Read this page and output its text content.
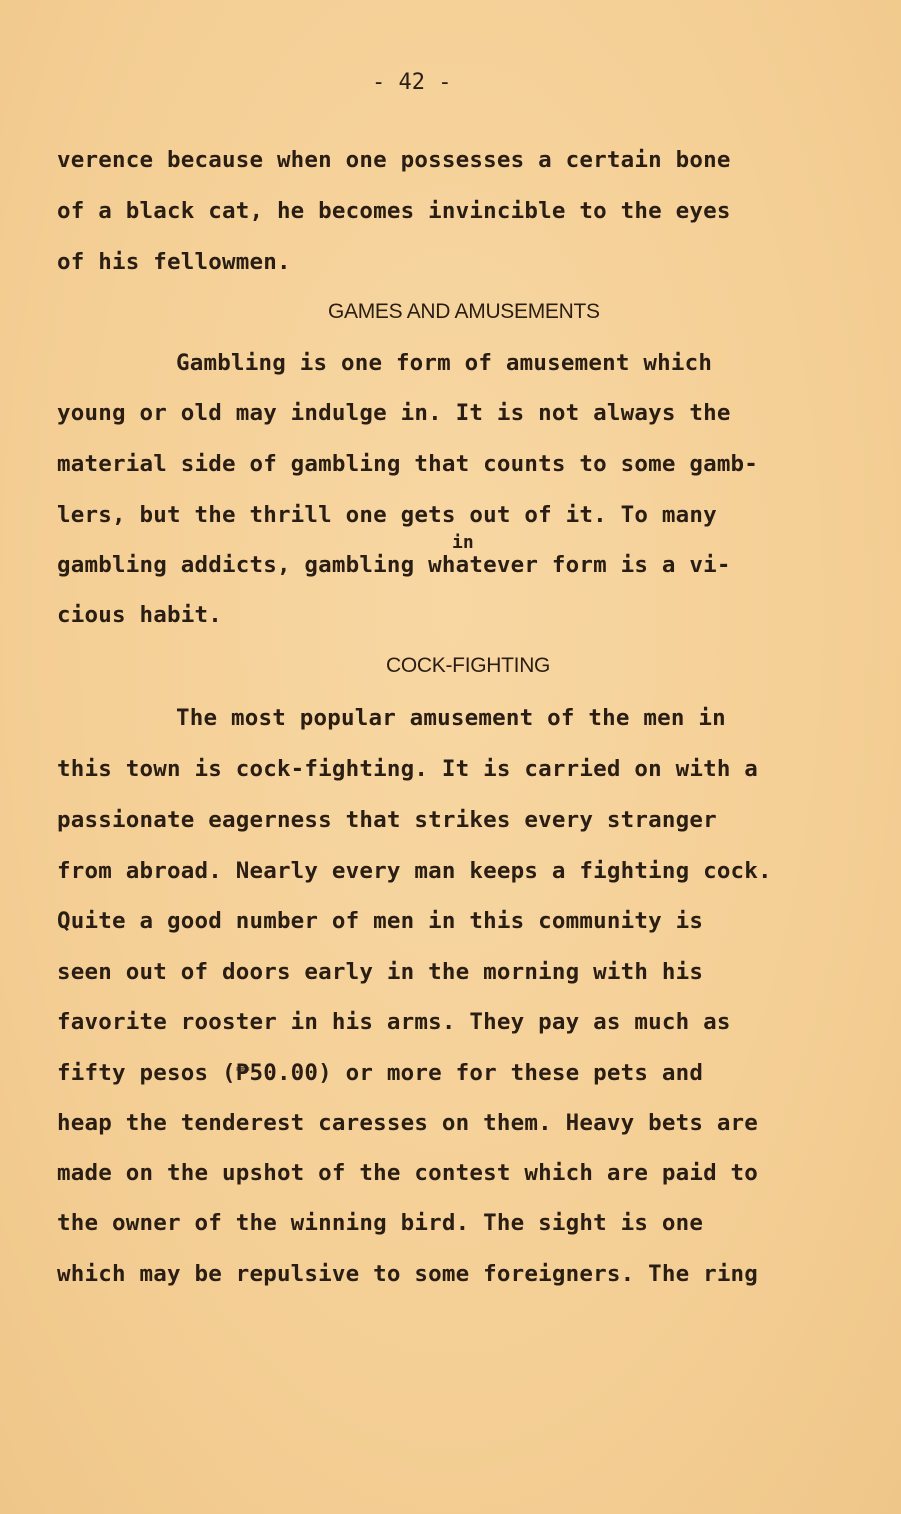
- 42 -
verence because when one possesses a certain bone
of a black cat, he becomes invincible to the eyes
of his fellowmen.
GAMES AND AMUSEMENTS
Gambling is one form of amusement which
young or old may indulge in. It is not always the
material side of gambling that counts to some gamb-
lers, but the thrill one gets out of it. To many
in
gambling addicts, gambling whatever form is a vi-
cious habit.
COCK-FIGHTING
The most popular amusement of the men in
this town is cock-fighting. It is carried on with a
passionate eagerness that strikes every stranger
from abroad. Nearly every man keeps a fighting cock.
Quite a good number of men in this community is
seen out of doors early in the morning with his
favorite rooster in his arms. They pay as much as
fifty pesos (₱50.00) or more for these pets and
heap the tenderest caresses on them. Heavy bets are
made on the upshot of the contest which are paid to
the owner of the winning bird. The sight is one
which may be repulsive to some foreigners. The ring
